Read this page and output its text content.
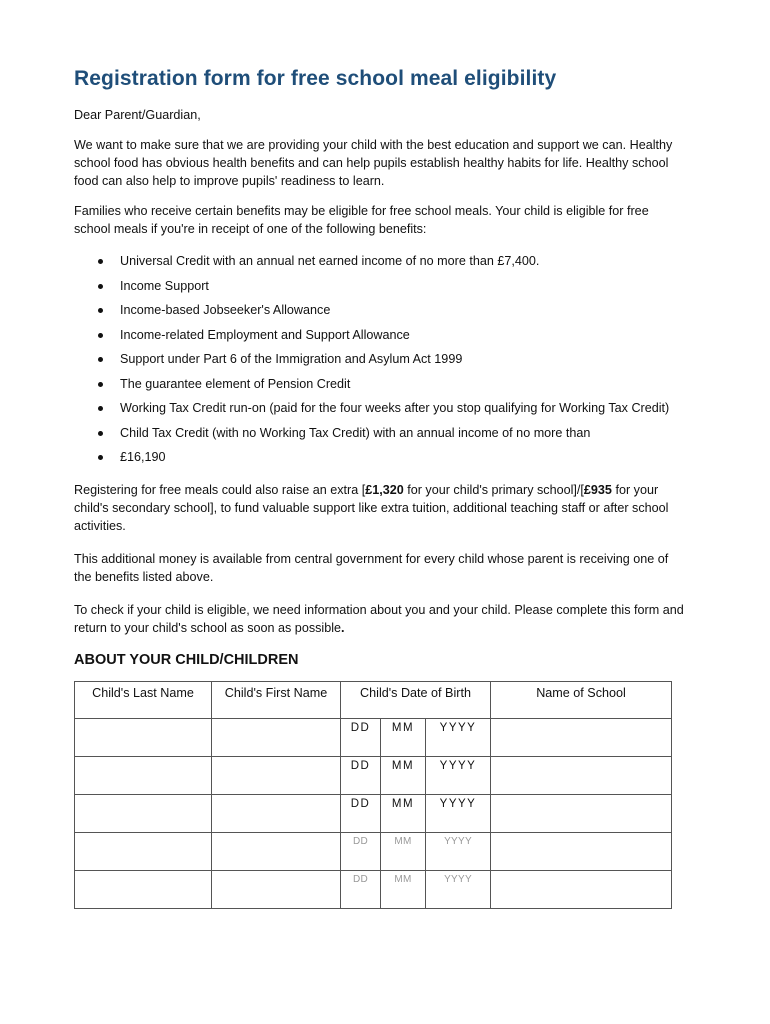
Registration form for free school meal eligibility

Dear Parent/Guardian,

We want to make sure that we are providing your child with the best education and support we can. Healthy school food has obvious health benefits and can help pupils establish healthy habits for life. Healthy school food can also help to improve pupils' readiness to learn.

Families who receive certain benefits may be eligible for free school meals. Your child is eligible for free school meals if you're in receipt of one of the following benefits:

Universal Credit with an annual net earned income of no more than £7,400.
Income Support
Income-based Jobseeker's Allowance
Income-related Employment and Support Allowance
Support under Part 6 of the Immigration and Asylum Act 1999
The guarantee element of Pension Credit
Working Tax Credit run-on (paid for the four weeks after you stop qualifying for Working Tax Credit)
Child Tax Credit (with no Working Tax Credit) with an annual income of no more than
£16,190

Registering for free meals could also raise an extra [£1,320 for your child's primary school]/[£935 for your child's secondary school], to fund valuable support like extra tuition, additional teaching staff or after school activities.

This additional money is available from central government for every child whose parent is receiving one of the benefits listed above.

To check if your child is eligible, we need information about you and your child. Please complete this form and return to your child's school as soon as possible.

ABOUT YOUR CHILD/CHILDREN
Child's Last Name	Child's First Name	Child's Date of Birth			Name of School
		DD	MM	YYYY	
		DD	MM	YYYY	
		DD	MM	YYYY	
		DD	MM	YYYY	
		DD	MM	YYYY	
